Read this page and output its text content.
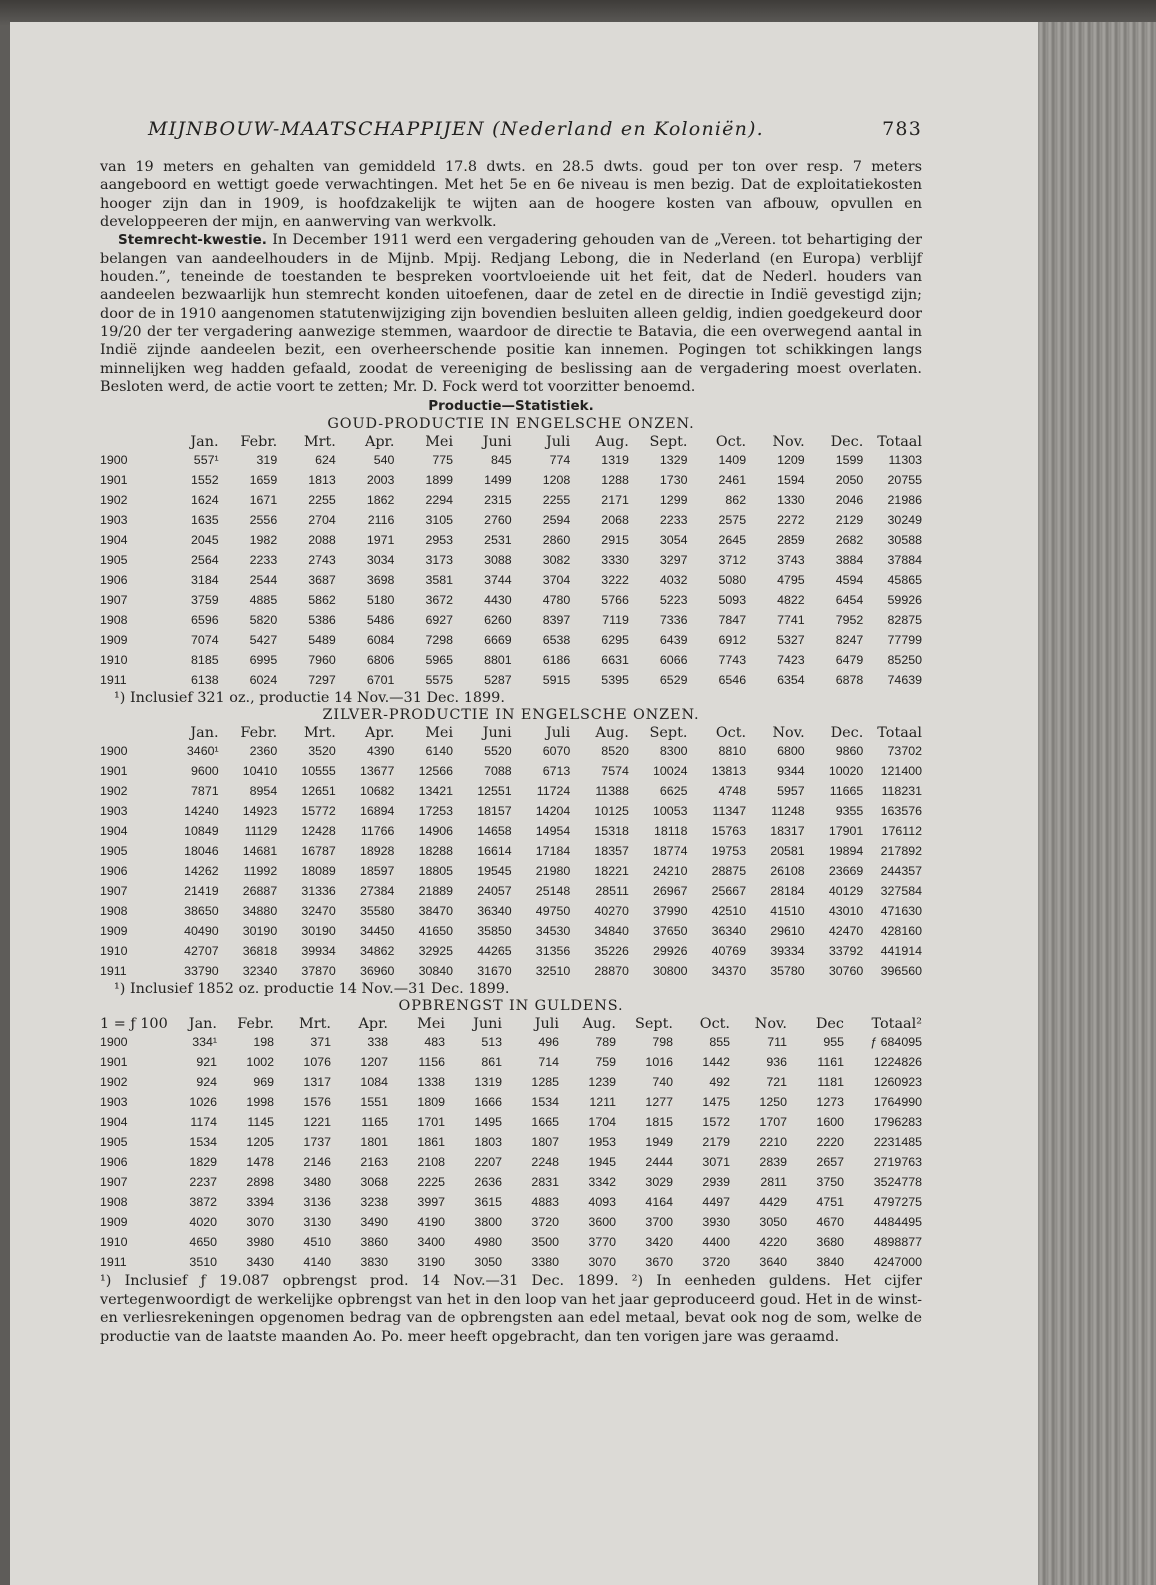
MIJNBOUW-MAATSCHAPPIJEN (Nederland en Koloniën).	783

van 19 meters en gehalten van gemiddeld 17.8 dwts. en 28.5 dwts. goud per ton over resp. 7 meters aangeboord en wettigt goede verwachtingen. Met het 5e en 6e niveau is men bezig. Dat de exploitatiekosten hooger zijn dan in 1909, is hoofdzakelijk te wijten aan de hoogere kosten van afbouw, opvullen en developpeeren der mijn, en aanwerving van werkvolk.

Stemrecht-kwestie. In December 1911 werd een vergadering gehouden van de „Vereen. tot behartiging der belangen van aandeelhouders in de Mijnb. Mpij. Redjang Lebong, die in Nederland (en Europa) verblijf houden.”, teneinde de toestanden te bespreken voortvloeiende uit het feit, dat de Nederl. houders van aandeelen bezwaarlijk hun stemrecht konden uitoefenen, daar de zetel en de directie in Indië gevestigd zijn; door de in 1910 aangenomen statutenwijziging zijn bovendien besluiten alleen geldig, indien goedgekeurd door 19/20 der ter vergadering aanwezige stemmen, waardoor de directie te Batavia, die een overwegend aantal in Indië zijnde aandeelen bezit, een overheerschende positie kan innemen. Pogingen tot schikkingen langs minnelijken weg hadden gefaald, zoodat de vereeniging de beslissing aan de vergadering moest overlaten. Besloten werd, de actie voort te zetten; Mr. D. Fock werd tot voorzitter benoemd.

Productie—Statistiek.
GOUD-PRODUCTIE IN ENGELSCHE ONZEN.
	Jan.	Febr.	Mrt.	Apr.	Mei	Juni	Juli	Aug.	Sept.	Oct.	Nov.	Dec.	Totaal
1900	557¹	319	624	540	775	845	774	1319	1329	1409	1209	1599	11303
1901	1552	1659	1813	2003	1899	1499	1208	1288	1730	2461	1594	2050	20755
1902	1624	1671	2255	1862	2294	2315	2255	2171	1299	862	1330	2046	21986
1903	1635	2556	2704	2116	3105	2760	2594	2068	2233	2575	2272	2129	30249
1904	2045	1982	2088	1971	2953	2531	2860	2915	3054	2645	2859	2682	30588
1905	2564	2233	2743	3034	3173	3088	3082	3330	3297	3712	3743	3884	37884
1906	3184	2544	3687	3698	3581	3744	3704	3222	4032	5080	4795	4594	45865
1907	3759	4885	5862	5180	3672	4430	4780	5766	5223	5093	4822	6454	59926
1908	6596	5820	5386	5486	6927	6260	8397	7119	7336	7847	7741	7952	82875
1909	7074	5427	5489	6084	7298	6669	6538	6295	6439	6912	5327	8247	77799
1910	8185	6995	7960	6806	5965	8801	6186	6631	6066	7743	7423	6479	85250
1911	6138	6024	7297	6701	5575	5287	5915	5395	6529	6546	6354	6878	74639
¹) Inclusief 321 oz., productie 14 Nov.—31 Dec. 1899.
ZILVER-PRODUCTIE IN ENGELSCHE ONZEN.
	Jan.	Febr.	Mrt.	Apr.	Mei	Juni	Juli	Aug.	Sept.	Oct.	Nov.	Dec.	Totaal
1900	3460¹	2360	3520	4390	6140	5520	6070	8520	8300	8810	6800	9860	73702
1901	9600	10410	10555	13677	12566	7088	6713	7574	10024	13813	9344	10020	121400
1902	7871	8954	12651	10682	13421	12551	11724	11388	6625	4748	5957	11665	118231
1903	14240	14923	15772	16894	17253	18157	14204	10125	10053	11347	11248	9355	163576
1904	10849	11129	12428	11766	14906	14658	14954	15318	18118	15763	18317	17901	176112
1905	18046	14681	16787	18928	18288	16614	17184	18357	18774	19753	20581	19894	217892
1906	14262	11992	18089	18597	18805	19545	21980	18221	24210	28875	26108	23669	244357
1907	21419	26887	31336	27384	21889	24057	25148	28511	26967	25667	28184	40129	327584
1908	38650	34880	32470	35580	38470	36340	49750	40270	37990	42510	41510	43010	471630
1909	40490	30190	30190	34450	41650	35850	34530	34840	37650	36340	29610	42470	428160
1910	42707	36818	39934	34862	32925	44265	31356	35226	29926	40769	39334	33792	441914
1911	33790	32340	37870	36960	30840	31670	32510	28870	30800	34370	35780	30760	396560
¹) Inclusief 1852 oz. productie 14 Nov.—31 Dec. 1899.
OPBRENGST IN GULDENS.
1 = ƒ 100	Jan.	Febr.	Mrt.	Apr.	Mei	Juni	Juli	Aug.	Sept.	Oct.	Nov.	Dec	Totaal²
1900	334¹	198	371	338	483	513	496	789	798	855	711	955	ƒ 684095
1901	921	1002	1076	1207	1156	861	714	759	1016	1442	936	1161	1224826
1902	924	969	1317	1084	1338	1319	1285	1239	740	492	721	1181	1260923
1903	1026	1998	1576	1551	1809	1666	1534	1211	1277	1475	1250	1273	1764990
1904	1174	1145	1221	1165	1701	1495	1665	1704	1815	1572	1707	1600	1796283
1905	1534	1205	1737	1801	1861	1803	1807	1953	1949	2179	2210	2220	2231485
1906	1829	1478	2146	2163	2108	2207	2248	1945	2444	3071	2839	2657	2719763
1907	2237	2898	3480	3068	2225	2636	2831	3342	3029	2939	2811	3750	3524778
1908	3872	3394	3136	3238	3997	3615	4883	4093	4164	4497	4429	4751	4797275
1909	4020	3070	3130	3490	4190	3800	3720	3600	3700	3930	3050	4670	4484495
1910	4650	3980	4510	3860	3400	4980	3500	3770	3420	4400	4220	3680	4898877
1911	3510	3430	4140	3830	3190	3050	3380	3070	3670	3720	3640	3840	4247000

¹) Inclusief ƒ 19.087 opbrengst prod. 14 Nov.—31 Dec. 1899. ²) In eenheden guldens. Het cijfer vertegenwoordigt de werkelijke opbrengst van het in den loop van het jaar geproduceerd goud. Het in de winst- en verliesrekeningen opgenomen bedrag van de opbrengsten aan edel metaal, bevat ook nog de som, welke de productie van de laatste maanden Ao. Po. meer heeft opgebracht, dan ten vorigen jare was geraamd.
